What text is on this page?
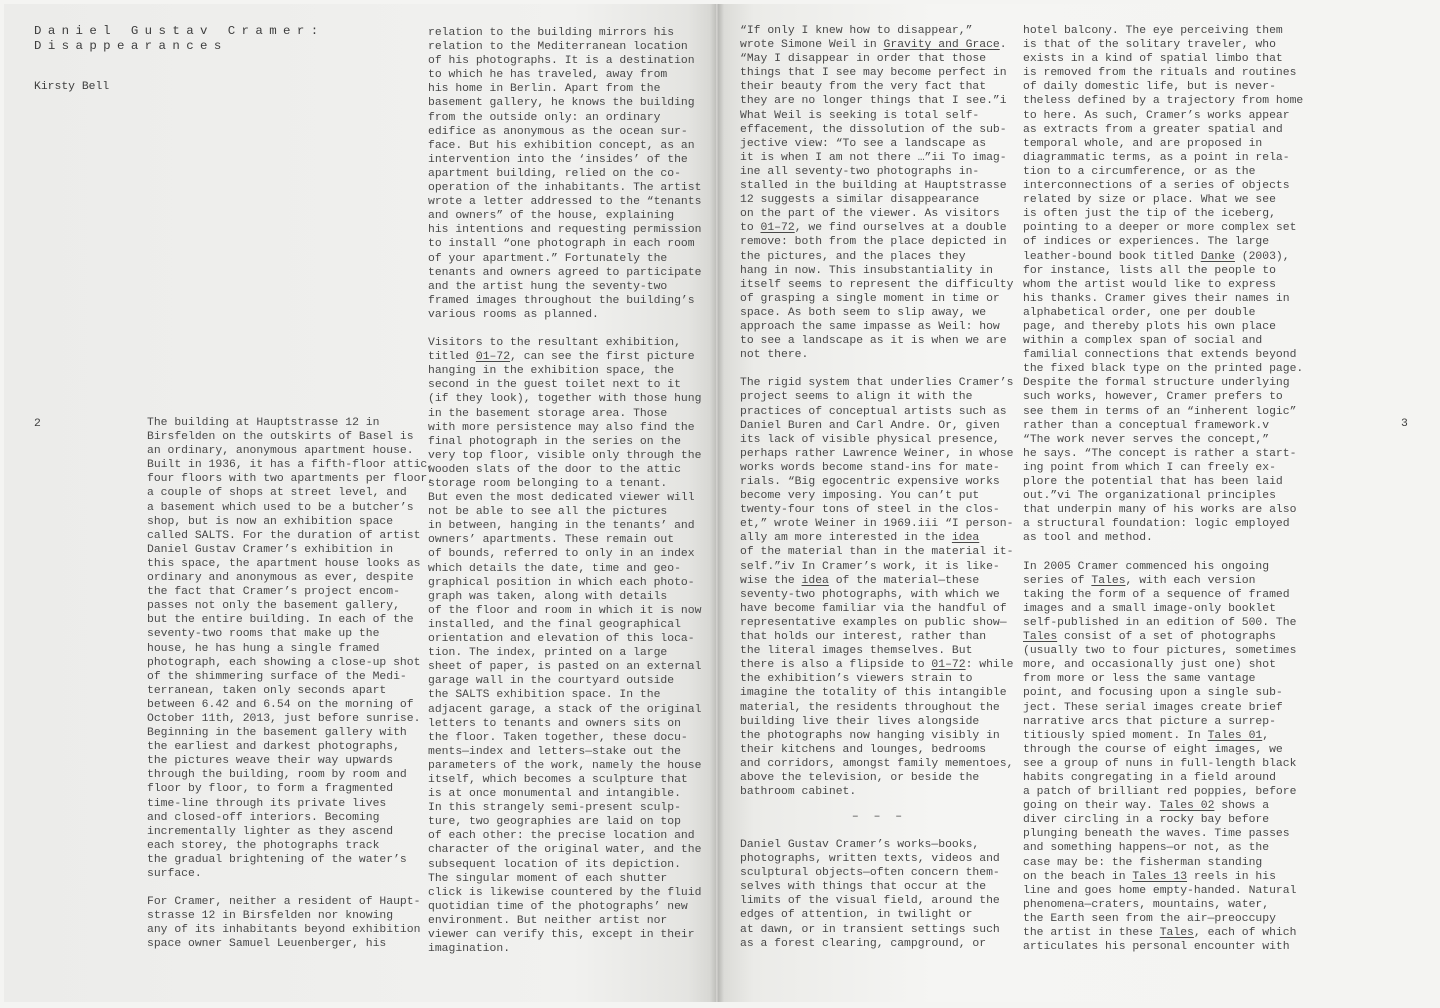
Daniel Gustav Cramer:
Disappearances
Kirsty Bell
2	The building at Hauptstrasse 12 in
Birsfelden on the outskirts of Basel is
an ordinary, anonymous apartment house.
Built in 1936, it has a fifth-floor attic,
four floors with two apartments per floor,
a couple of shops at street level, and
a basement which used to be a butcher’s
shop, but is now an exhibition space
called SALTS. For the duration of artist
Daniel Gustav Cramer’s exhibition in
this space, the apartment house looks as
ordinary and anonymous as ever, despite
the fact that Cramer’s project encom-
passes not only the basement gallery,
but the entire building. In each of the
seventy-two rooms that make up the
house, he has hung a single framed
photograph, each showing a close-up shot
of the shimmering surface of the Medi-
terranean, taken only seconds apart
between 6.42 and 6.54 on the morning of
October 11th, 2013, just before sunrise.
Beginning in the basement gallery with
the earliest and darkest photographs,
the pictures weave their way upwards
through the building, room by room and
floor by floor, to form a fragmented
time-line through its private lives
and closed-off interiors. Becoming
incrementally lighter as they ascend
each storey, the photographs track
the gradual brightening of the water’s
surface.
For Cramer, neither a resident of Haupt-
strasse 12 in Birsfelden nor knowing
any of its inhabitants beyond exhibition
space owner Samuel Leuenberger, his
relation to the building mirrors his
relation to the Mediterranean location
of his photographs. It is a destination
to which he has traveled, away from
his home in Berlin. Apart from the
basement gallery, he knows the building
from the outside only: an ordinary
edifice as anonymous as the ocean sur-
face. But his exhibition concept, as an
intervention into the ‘insides’ of the
apartment building, relied on the co-
operation of the inhabitants. The artist
wrote a letter addressed to the “tenants
and owners” of the house, explaining
his intentions and requesting permission
to install “one photograph in each room
of your apartment.” Fortunately the
tenants and owners agreed to participate
and the artist hung the seventy-two
framed images throughout the building’s
various rooms as planned.
Visitors to the resultant exhibition,
titled 01–72, can see the first picture
hanging in the exhibition space, the
second in the guest toilet next to it
(if they look), together with those hung
in the basement storage area. Those
with more persistence may also find the
final photograph in the series on the
very top floor, visible only through the
wooden slats of the door to the attic
storage room belonging to a tenant.
But even the most dedicated viewer will
not be able to see all the pictures
in between, hanging in the tenants’ and
owners’ apartments. These remain out
of bounds, referred to only in an index
which details the date, time and geo-
graphical position in which each photo-
graph was taken, along with details
of the floor and room in which it is now
installed, and the final geographical
orientation and elevation of this loca-
tion. The index, printed on a large
sheet of paper, is pasted on an external
garage wall in the courtyard outside
the SALTS exhibition space. In the
adjacent garage, a stack of the original
letters to tenants and owners sits on
the floor. Taken together, these docu-
ments—index and letters—stake out the
parameters of the work, namely the house
itself, which becomes a sculpture that
is at once monumental and intangible.
In this strangely semi-present sculp-
ture, two geographies are laid on top
of each other: the precise location and
character of the original water, and the
subsequent location of its depiction.
The singular moment of each shutter
click is likewise countered by the fluid
quotidian time of the photographs’ new
environment. But neither artist nor
viewer can verify this, except in their
imagination.
“If only I knew how to disappear,”
wrote Simone Weil in Gravity and Grace.
“May I disappear in order that those
things that I see may become perfect in
their beauty from the very fact that
they are no longer things that I see.”i
What Weil is seeking is total self-
effacement, the dissolution of the sub-
jective view: “To see a landscape as
it is when I am not there …”ii To imag-
ine all seventy-two photographs in-
stalled in the building at Hauptstrasse
12 suggests a similar disappearance
on the part of the viewer. As visitors
to 01–72, we find ourselves at a double
remove: both from the place depicted in
the pictures, and the places they
hang in now. This insubstantiality in
itself seems to represent the difficulty
of grasping a single moment in time or
space. As both seem to slip away, we
approach the same impasse as Weil: how
to see a landscape as it is when we are
not there.
The rigid system that underlies Cramer’s
project seems to align it with the
practices of conceptual artists such as
Daniel Buren and Carl Andre. Or, given
its lack of visible physical presence,
perhaps rather Lawrence Weiner, in whose
works words become stand-ins for mate-
rials. “Big egocentric expensive works
become very imposing. You can’t put
twenty-four tons of steel in the clos-
et,” wrote Weiner in 1969.iii “I person-
ally am more interested in the idea
of the material than in the material it-
self.”iv In Cramer’s work, it is like-
wise the idea of the material—these
seventy-two photographs, with which we
have become familiar via the handful of
representative examples on public show—
that holds our interest, rather than
the literal images themselves. But
there is also a flipside to 01–72: while
the exhibition’s viewers strain to
imagine the totality of this intangible
material, the residents throughout the
building live their lives alongside
the photographs now hanging visibly in
their kitchens and lounges, bedrooms
and corridors, amongst family mementoes,
above the television, or beside the
bathroom cabinet.
– – –
Daniel Gustav Cramer’s works—books,
photographs, written texts, videos and
sculptural objects—often concern them-
selves with things that occur at the
limits of the visual field, around the
edges of attention, in twilight or
at dawn, or in transient settings such
as a forest clearing, campground, or
hotel balcony. The eye perceiving them
is that of the solitary traveler, who
exists in a kind of spatial limbo that
is removed from the rituals and routines
of daily domestic life, but is never-
theless defined by a trajectory from home
to here. As such, Cramer’s works appear
as extracts from a greater spatial and
temporal whole, and are proposed in
diagrammatic terms, as a point in rela-
tion to a circumference, or as the
interconnections of a series of objects
related by size or place. What we see
is often just the tip of the iceberg,
pointing to a deeper or more complex set
of indices or experiences. The large
leather-bound book titled Danke (2003),
for instance, lists all the people to
whom the artist would like to express
his thanks. Cramer gives their names in
alphabetical order, one per double
page, and thereby plots his own place
within a complex span of social and
familial connections that extends beyond
the fixed black type on the printed page.
Despite the formal structure underlying
such works, however, Cramer prefers to
see them in terms of an “inherent logic”
rather than a conceptual framework.v
“The work never serves the concept,”
he says. “The concept is rather a start-
ing point from which I can freely ex-
plore the potential that has been laid
out.”vi The organizational principles
that underpin many of his works are also
a structural foundation: logic employed
as tool and method.
In 2005 Cramer commenced his ongoing
series of Tales, with each version
taking the form of a sequence of framed
images and a small image-only booklet
self-published in an edition of 500. The
Tales consist of a set of photographs
(usually two to four pictures, sometimes
more, and occasionally just one) shot
from more or less the same vantage
point, and focusing upon a single sub-
ject. These serial images create brief
narrative arcs that picture a surrep-
titiously spied moment. In Tales 01,
through the course of eight images, we
see a group of nuns in full-length black
habits congregating in a field around
a patch of brilliant red poppies, before
going on their way. Tales 02 shows a
diver circling in a rocky bay before
plunging beneath the waves. Time passes
and something happens—or not, as the
case may be: the fisherman standing
on the beach in Tales 13 reels in his
line and goes home empty-handed. Natural
phenomena—craters, mountains, water,
the Earth seen from the air—preoccupy
the artist in these Tales, each of which
articulates his personal encounter with
3
